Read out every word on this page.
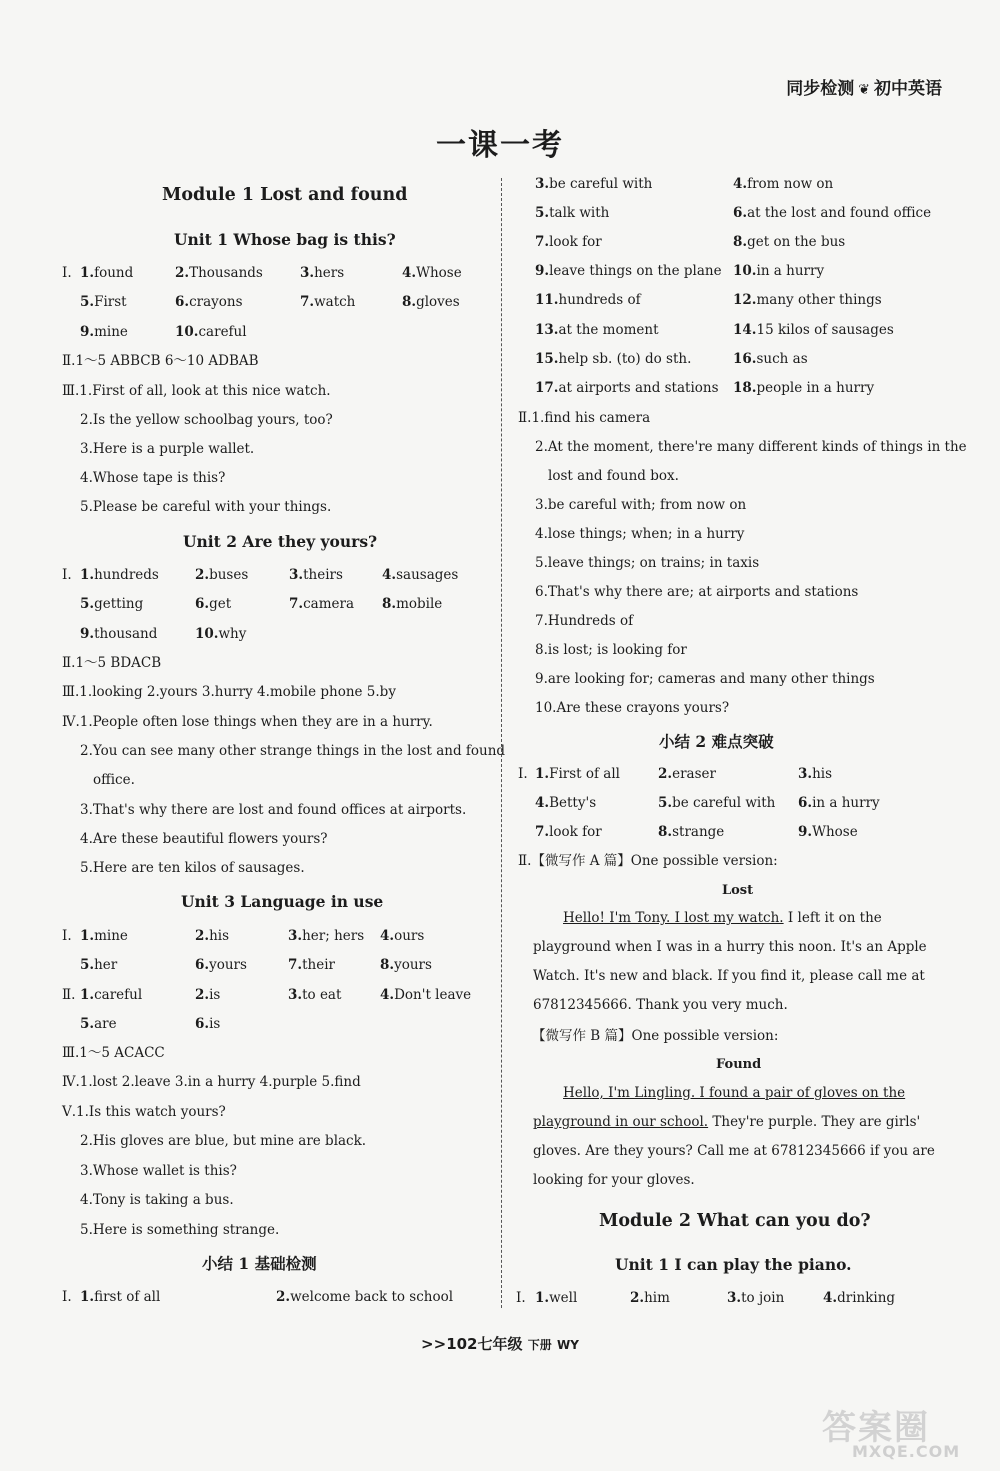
同步检测 ❦ 初中英语
一课一考
Module 1 Lost and found
Unit 1 Whose bag is this?
Ⅰ. 1.found	2.Thousands	3.hers	4.Whose
5.First	6.crayons	7.watch	8.gloves
9.mine	10.careful
Ⅱ.1～5 ABBCB 6～10 ADBAB
Ⅲ.1.First of all, look at this nice watch.
2.Is the yellow schoolbag yours, too?
3.Here is a purple wallet.
4.Whose tape is this?
5.Please be careful with your things.
Unit 2 Are they yours?
Ⅰ. 1.hundreds	2.buses	3.theirs	4.sausages
5.getting	6.get	7.camera 8.mobile
9.thousand	10.why
Ⅱ.1～5 BDACB
Ⅲ.1.looking 2.yours 3.hurry 4.mobile phone 5.by
Ⅳ.1.People often lose things when they are in a hurry.
2.You can see many other strange things in the lost and found
office.
3.That's why there are lost and found offices at airports.
4.Are these beautiful flowers yours?
5.Here are ten kilos of sausages.
Unit 3 Language in use
Ⅰ. 1.mine	2.his	3.her; hers 4.ours
5.her	6.yours	7.their	8.yours
Ⅱ. 1.careful	2.is	3.to eat	4.Don't leave
5.are	6.is
Ⅲ.1～5 ACACC
Ⅳ.1.lost 2.leave 3.in a hurry 4.purple 5.find
Ⅴ.1.Is this watch yours?
2.His gloves are blue, but mine are black.
3.Whose wallet is this?
4.Tony is taking a bus.
5.Here is something strange.
小结 1 基础检测
Ⅰ. 1.first of all	2.welcome back to school
3.be careful with	4.from now on
5.talk with	6.at the lost and found office
7.look for	8.get on the bus
9.leave things on the plane 10.in a hurry
11.hundreds of	12.many other things
13.at the moment	14.15 kilos of sausages
15.help sb. (to) do sth.	16.such as
17.at airports and stations 18.people in a hurry
Ⅱ.1.find his camera
2.At the moment, there're many different kinds of things in the
lost and found box.
3.be careful with; from now on
4.lose things; when; in a hurry
5.leave things; on trains; in taxis
6.That's why there are; at airports and stations
7.Hundreds of
8.is lost; is looking for
9.are looking for; cameras and many other things
10.Are these crayons yours?
小结 2 难点突破
Ⅰ. 1.First of all	2.eraser	3.his
4.Betty's	5.be careful with 6.in a hurry
7.look for	8.strange	9.Whose
Ⅱ.【微写作 A 篇】One possible version:
Lost
Hello! I'm Tony. I lost my watch. I left it on the playground when I was in a hurry this noon. It's an Apple Watch. It's new and black. If you find it, please call me at 67812345666. Thank you very much.
【微写作 B 篇】One possible version:
Found
Hello, I'm Lingling. I found a pair of gloves on the playground in our school. They're purple. They are girls' gloves. Are they yours? Call me at 67812345666 if you are looking for your gloves.
Module 2 What can you do?
Unit 1 I can play the piano.
Ⅰ. 1.well	2.him	3.to join	4.drinking
>>102七年级 下册 WY
答案圈
MXQE.COM
